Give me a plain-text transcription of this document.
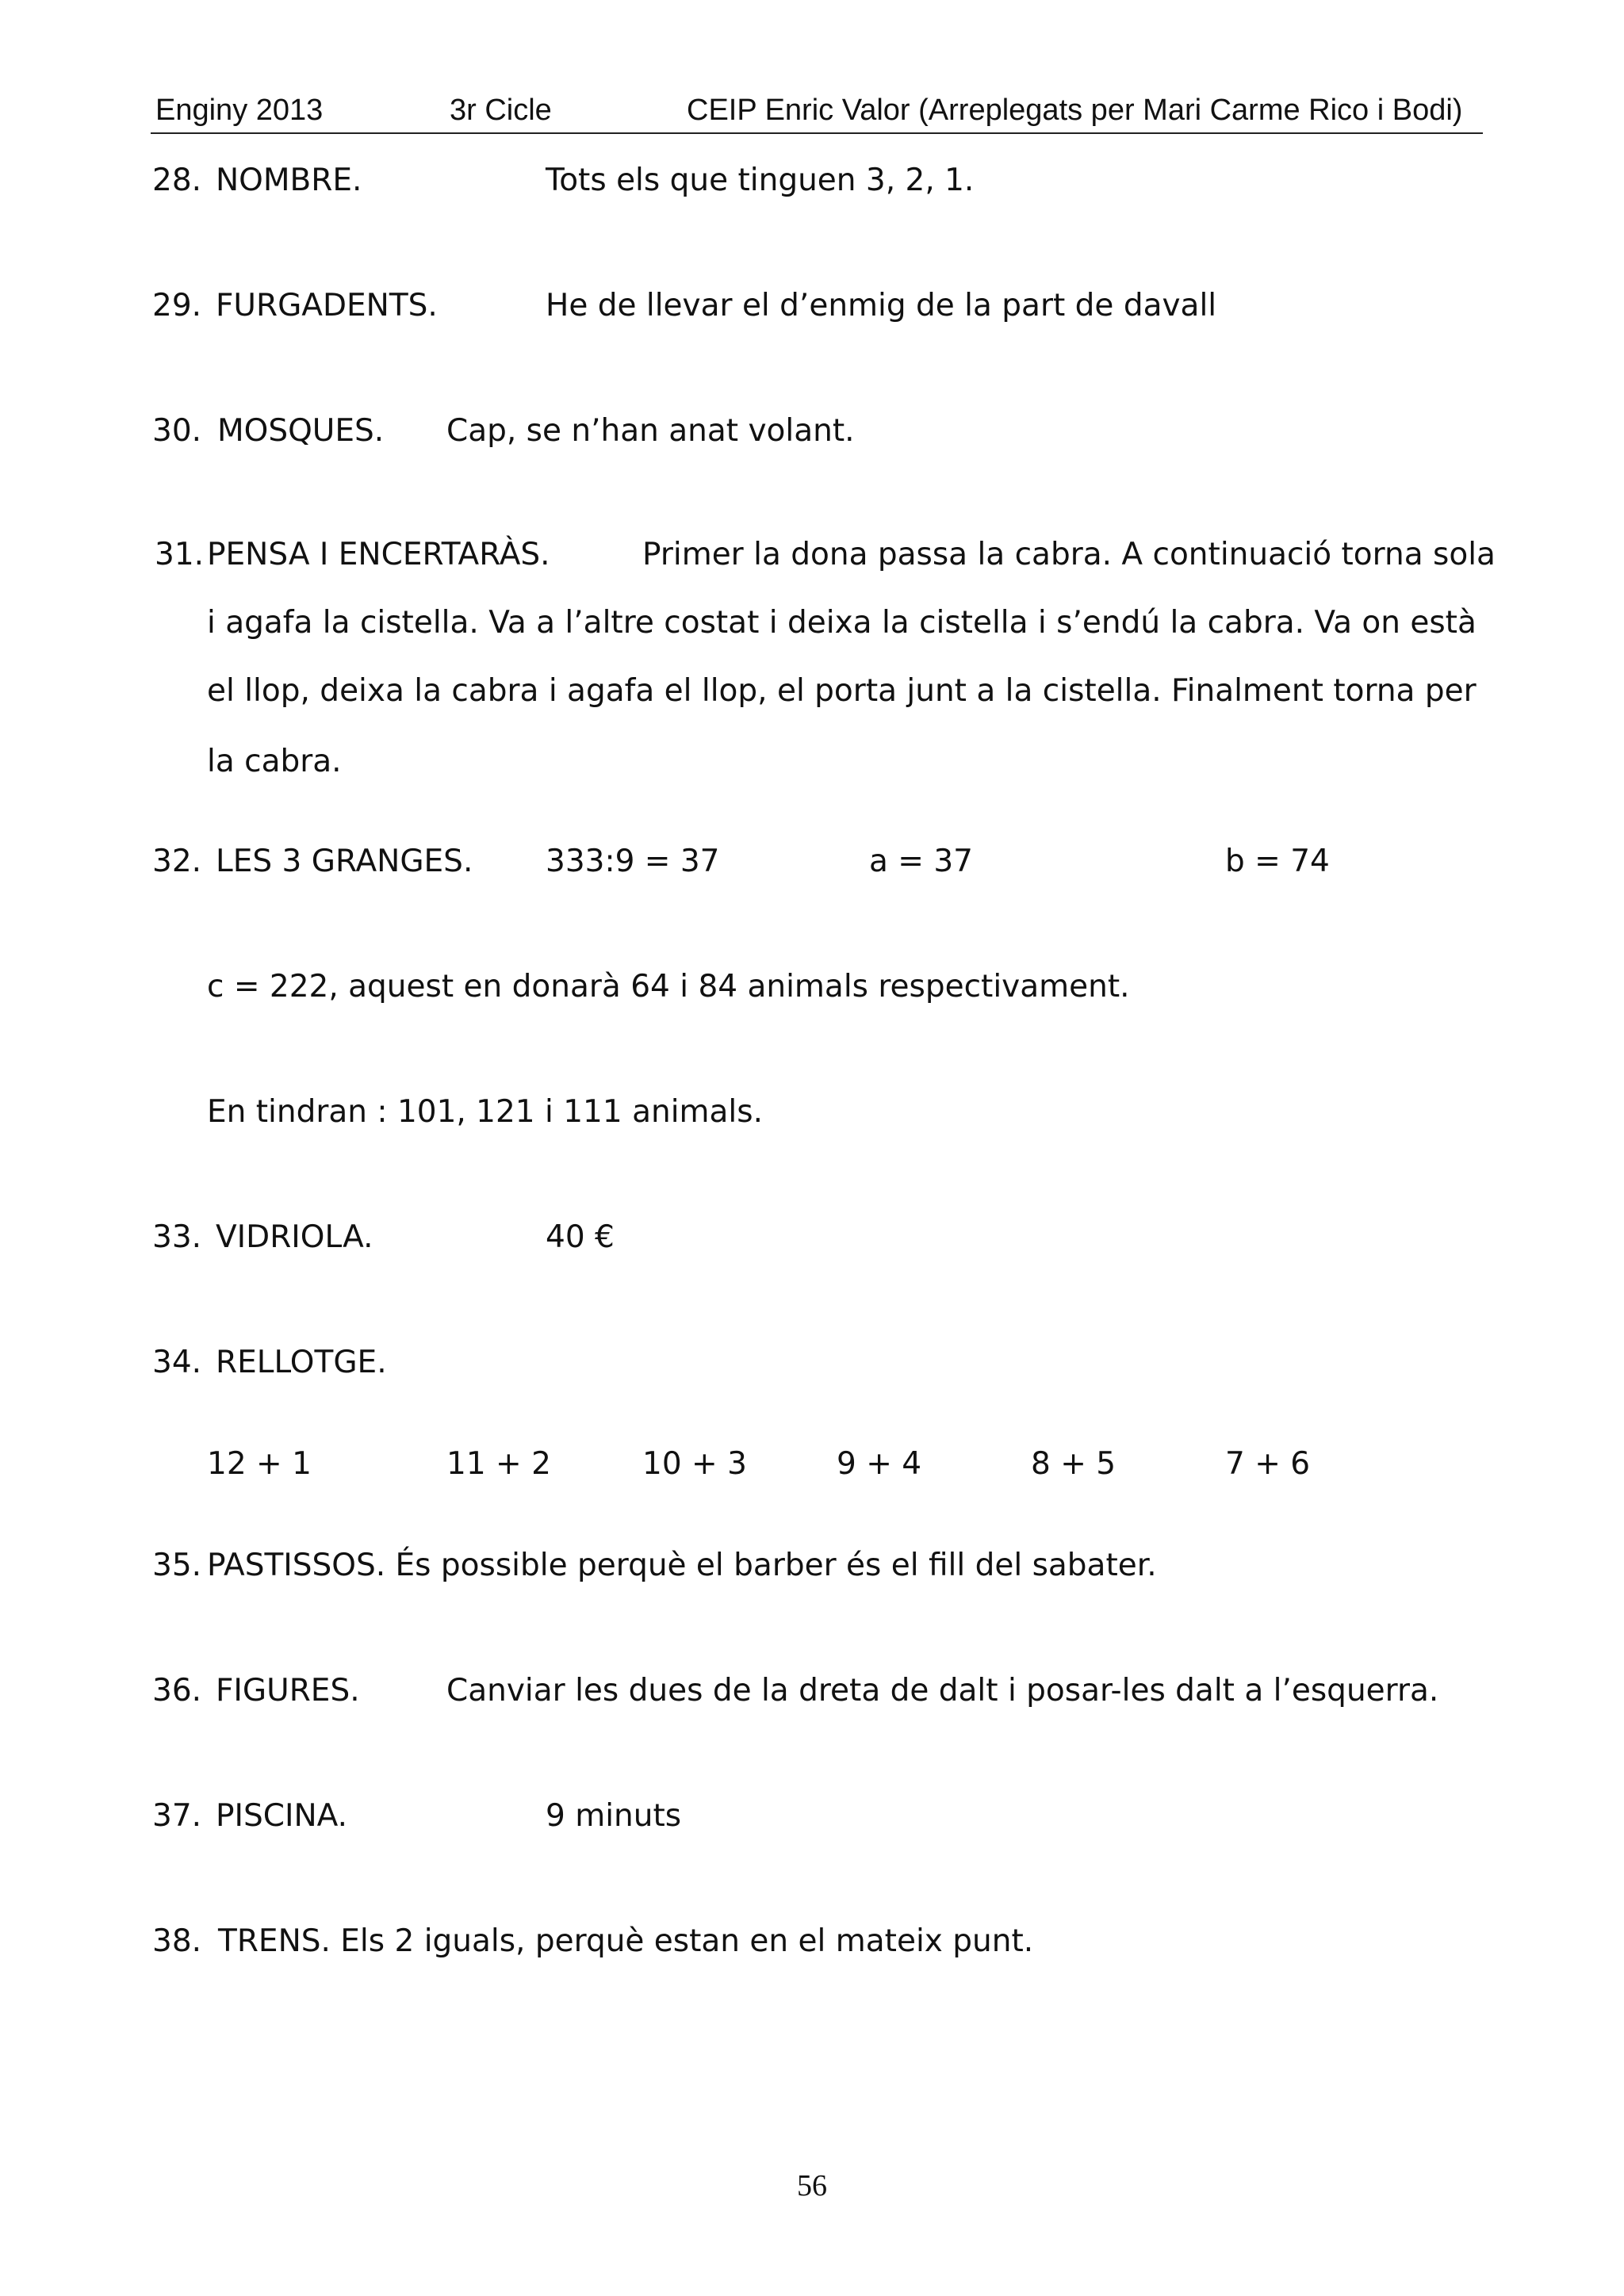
Enginy 2013	3r Cicle	CEIP Enric Valor (Arreplegats per Mari Carme Rico i Bodi)
28. NOMBRE.	Tots els que tinguen 3, 2, 1.
29. FURGADENTS.	He de llevar el d’enmig de la part de davall
30. MOSQUES. Cap, se n’han anat volant.
31. PENSA I ENCERTARÀS.	Primer la dona passa la cabra. A continuació torna sola
i agafa la cistella. Va a l’altre costat i deixa la cistella i s’endú la cabra. Va on està
el llop, deixa la cabra i agafa el llop, el porta junt a la cistella. Finalment torna per
la cabra.
32. LES 3 GRANGES. 333:9 = 37	a = 37	b = 74
c = 222, aquest en donarà 64 i 84 animals respectivament.
En tindran : 101, 121 i 111 animals.
33. VIDRIOLA.	40 €
34. RELLOTGE.
12 + 1	11 + 2	10 + 3	9 + 4	8 + 5	7 + 6
35. PASTISSOS. És possible perquè el barber és el fill del sabater.
36. FIGURES.	Canviar les dues de la dreta de dalt i posar-les dalt a l’esquerra.
37. PISCINA.	9 minuts
38. TRENS. Els 2 iguals, perquè estan en el mateix punt.
56
